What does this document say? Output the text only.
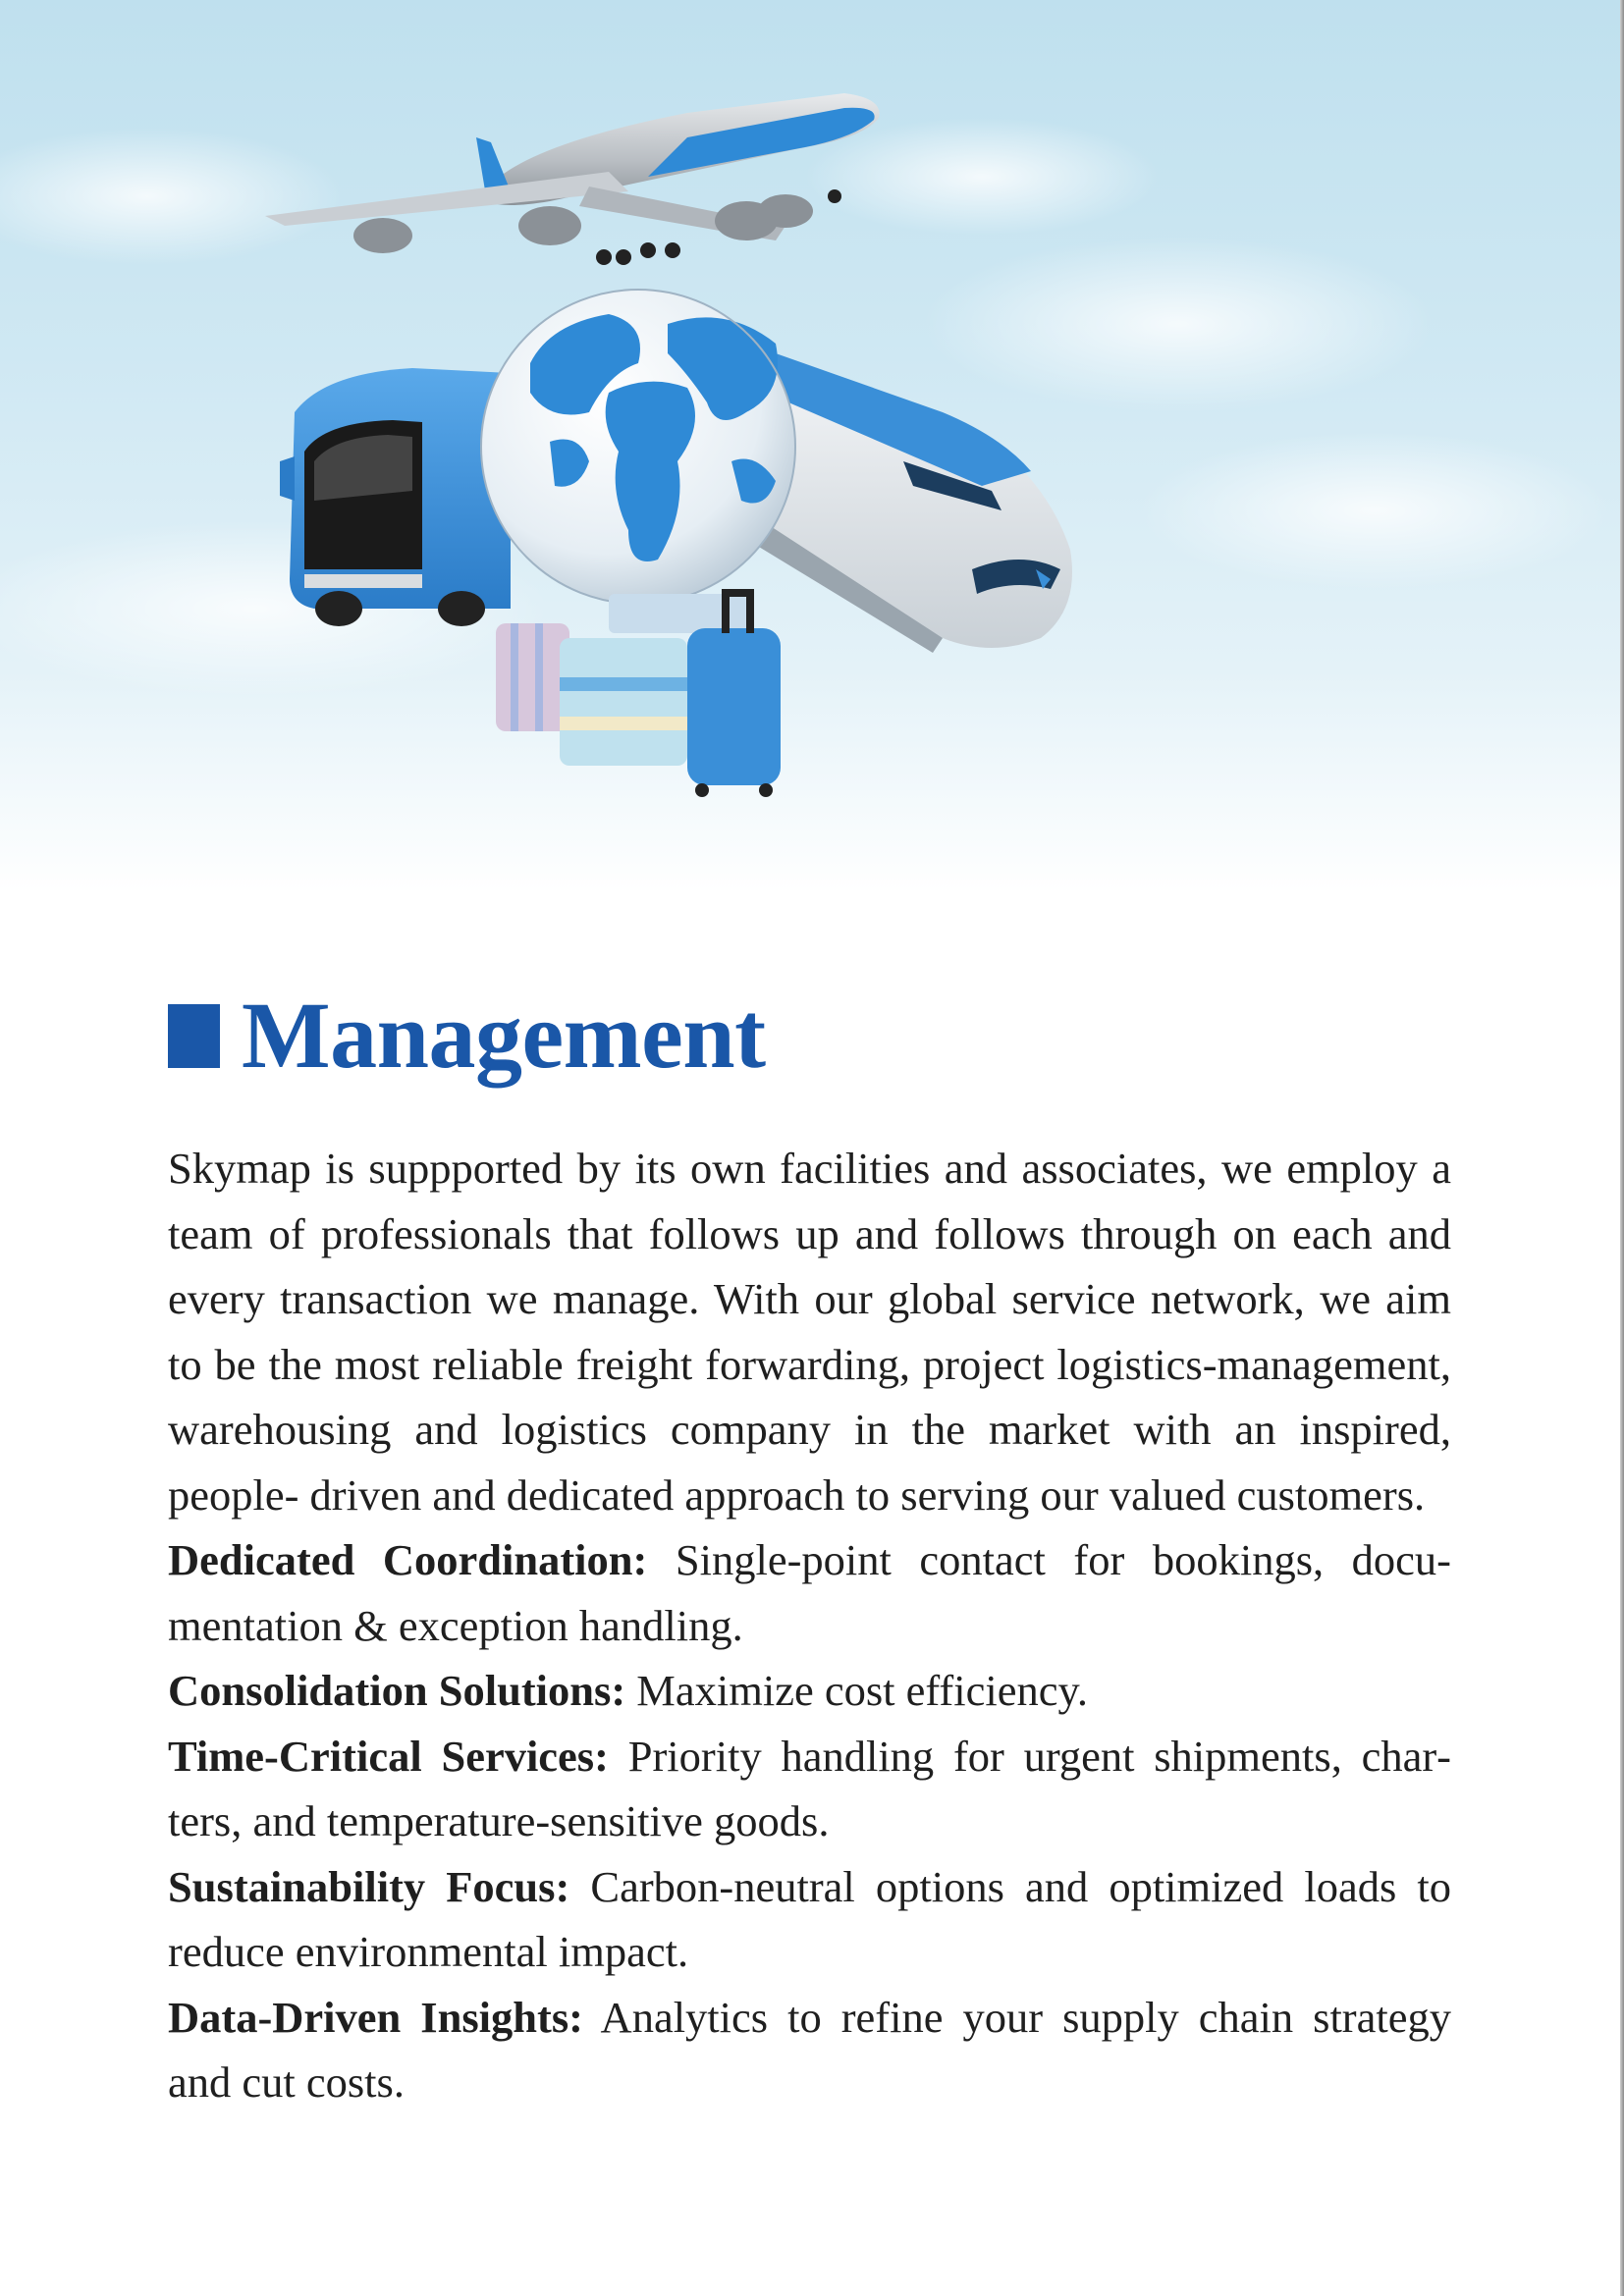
Management

Skymap is suppported by its own facilities and associates, we employ a team of professionals that follows up and follows through on each and every transaction we manage. With our global service network, we aim to be the most reliable freight forwarding, project logistics-management, warehousing and logistics company in the market with an inspired, people- driven and dedicated approach to serving our valued customers.

Dedicated Coordination: Single-point contact for bookings, documentation & exception handling.

Consolidation Solutions: Maximize cost efficiency.

Time-Critical Services: Priority handling for urgent shipments, charters, and temperature-sensitive goods.

Sustainability Focus: Carbon-neutral options and optimized loads to reduce environmental impact.

Data-Driven Insights: Analytics to refine your supply chain strategy and cut costs.
